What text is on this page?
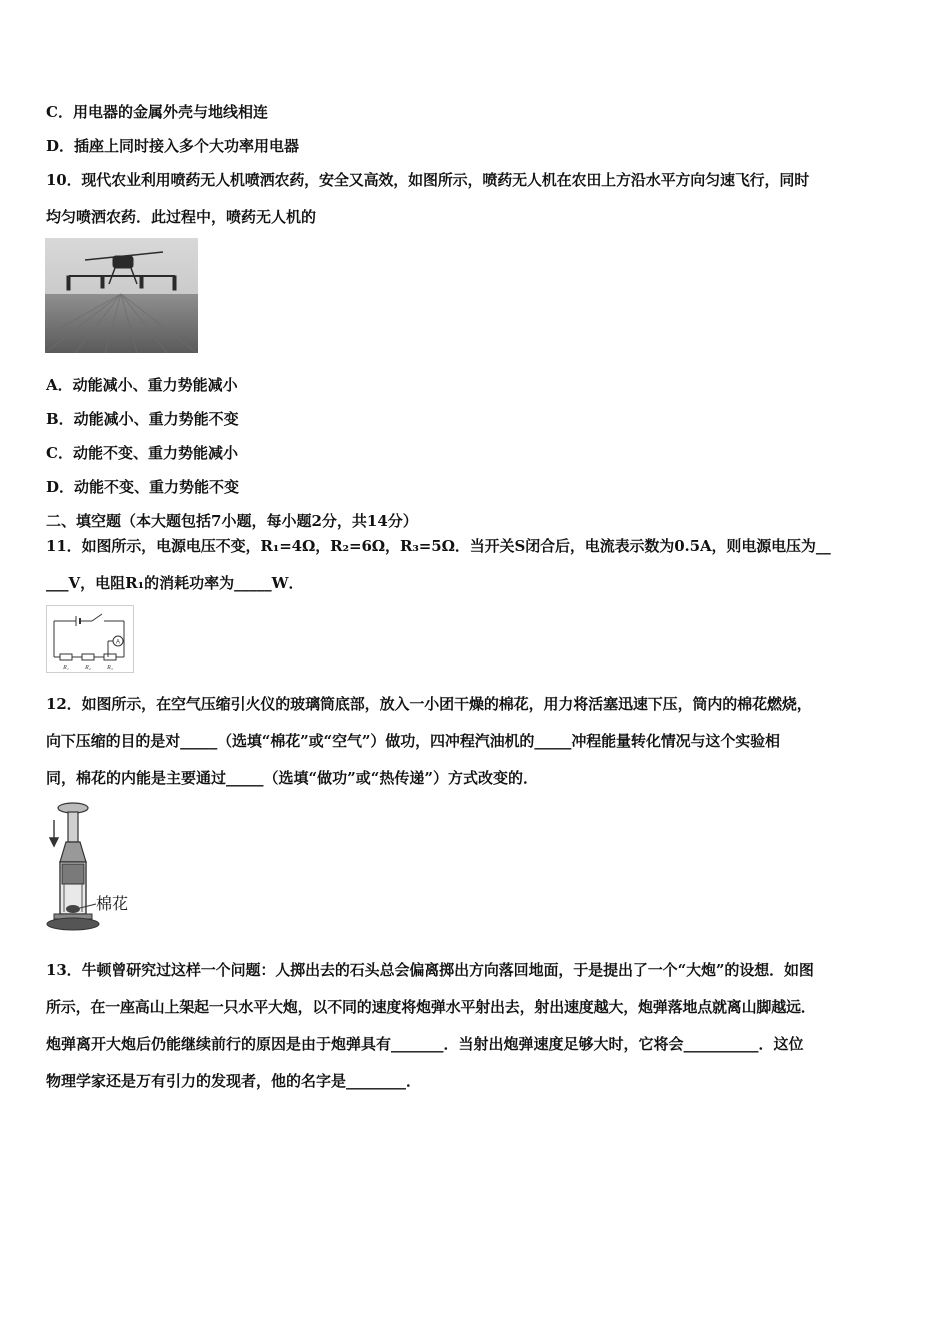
C．用电器的金属外壳与地线相连
D．插座上同时接入多个大功率用电器
10．现代农业利用喷药无人机喷洒农药，安全又高效，如图所示，喷药无人机在农田上方沿水平方向匀速飞行，同时
均匀喷洒农药．此过程中，喷药无人机的
A．动能减小、重力势能减小
B．动能减小、重力势能不变
C．动能不变、重力势能减小
D．动能不变、重力势能不变
二、填空题（本大题包括7小题，每小题2分，共14分）
11．如图所示，电源电压不变，R₁=4Ω，R₂=6Ω，R₃=5Ω．当开关S闭合后，电流表示数为0.5A，则电源电压为__
___V，电阻R₁的消耗功率为_____W．
A
R₁	R₂	R₃
12．如图所示，在空气压缩引火仪的玻璃筒底部，放入一小团干燥的棉花，用力将活塞迅速下压，筒内的棉花燃烧，
向下压缩的目的是对_____（选填“棉花”或“空气”）做功，四冲程汽油机的_____冲程能量转化情况与这个实验相
同，棉花的内能是主要通过_____（选填“做功”或“热传递”）方式改变的．
棉花
13．牛顿曾研究过这样一个问题：人掷出去的石头总会偏离掷出方向落回地面，于是提出了一个“大炮”的设想．如图
所示，在一座高山上架起一只水平大炮，以不同的速度将炮弹水平射出去，射出速度越大，炮弹落地点就离山脚越远．
炮弹离开大炮后仍能继续前行的原因是由于炮弹具有_______．当射出炮弹速度足够大时，它将会__________．这位
物理学家还是万有引力的发现者，他的名字是________．
